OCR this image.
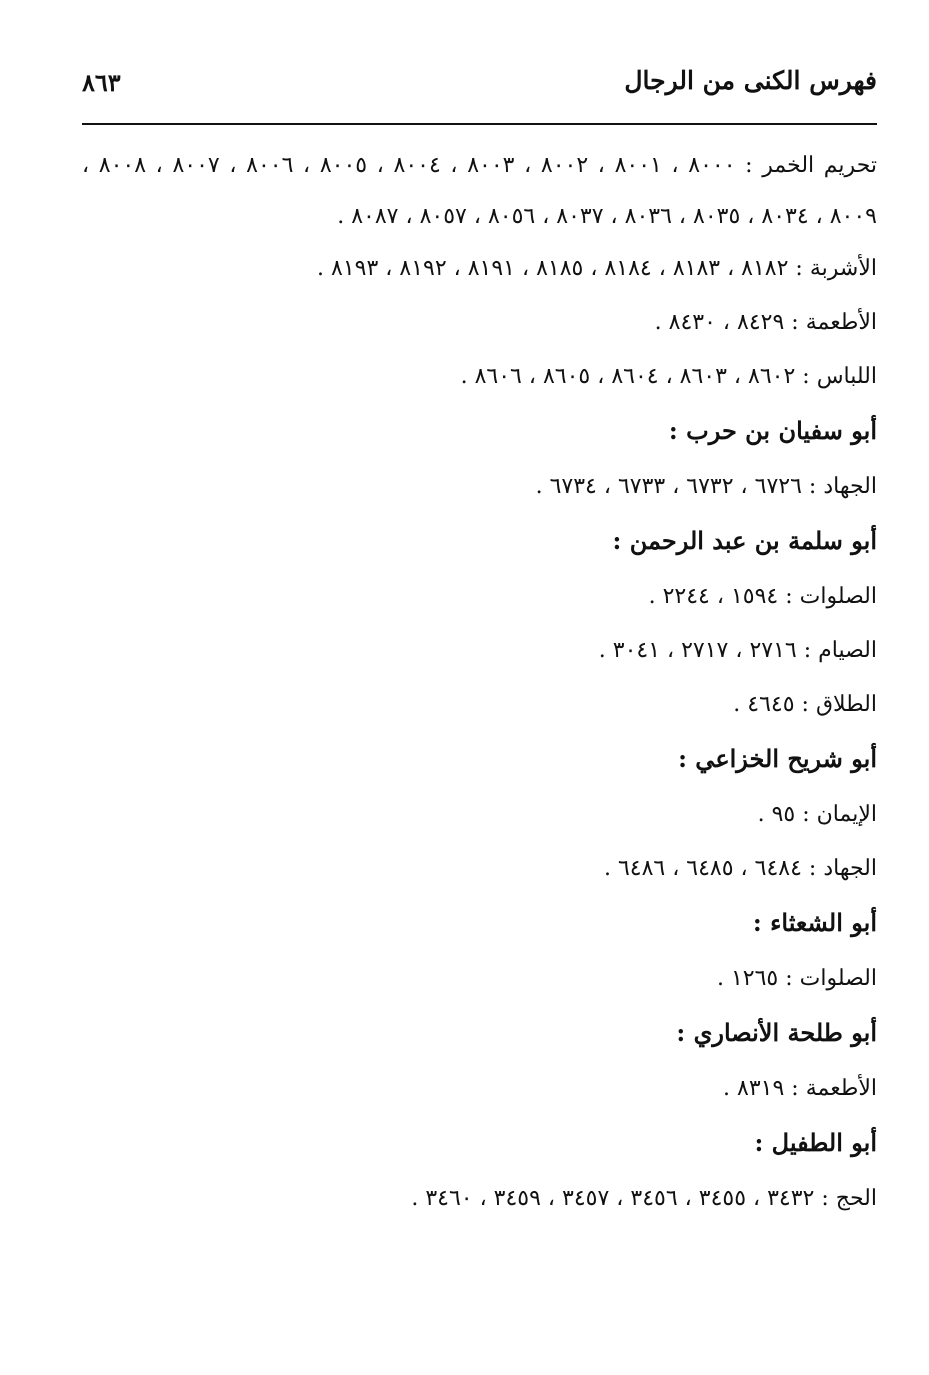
فهرس الكنى من الرجال
٨٦٣
تحريم الخمر : ٨٠٠٠ ، ٨٠٠١ ، ٨٠٠٢ ، ٨٠٠٣ ، ٨٠٠٤ ، ٨٠٠٥ ، ٨٠٠٦ ، ٨٠٠٧ ، ٨٠٠٨ ، ٨٠٠٩ ، ٨٠٣٤ ، ٨٠٣٥ ، ٨٠٣٦ ، ٨٠٣٧ ، ٨٠٥٦ ، ٨٠٥٧ ، ٨٠٨٧ .
الأشربة : ٨١٨٢ ، ٨١٨٣ ، ٨١٨٤ ، ٨١٨٥ ، ٨١٩١ ، ٨١٩٢ ، ٨١٩٣ .
الأطعمة : ٨٤٢٩ ، ٨٤٣٠ .
اللباس : ٨٦٠٢ ، ٨٦٠٣ ، ٨٦٠٤ ، ٨٦٠٥ ، ٨٦٠٦ .
أبو سفيان بن حرب :
الجهاد : ٦٧٢٦ ، ٦٧٣٢ ، ٦٧٣٣ ، ٦٧٣٤ .
أبو سلمة بن عبد الرحمن :
الصلوات : ١٥٩٤ ، ٢٢٤٤ .
الصيام : ٢٧١٦ ، ٢٧١٧ ، ٣٠٤١ .
الطلاق : ٤٦٤٥ .
أبو شريح الخزاعي :
الإيمان : ٩٥ .
الجهاد : ٦٤٨٤ ، ٦٤٨٥ ، ٦٤٨٦ .
أبو الشعثاء :
الصلوات : ١٢٦٥ .
أبو طلحة الأنصاري :
الأطعمة : ٨٣١٩ .
أبو الطفيل :
الحج : ٣٤٣٢ ، ٣٤٥٥ ، ٣٤٥٦ ، ٣٤٥٧ ، ٣٤٥٩ ، ٣٤٦٠ .
